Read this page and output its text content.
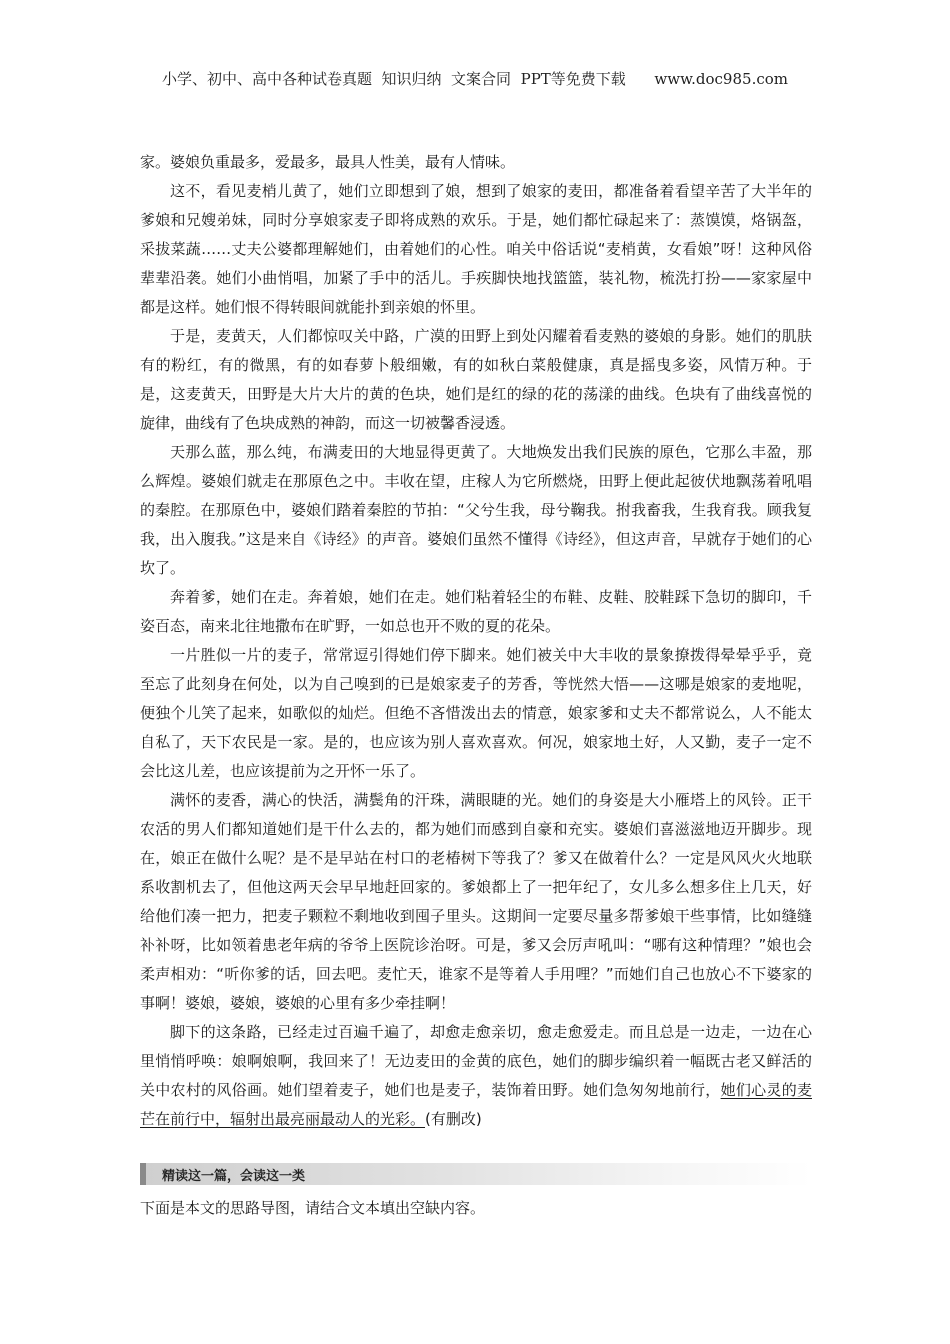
小学、初中、高中各种试卷真题  知识归纳  文案合同  PPT等免费下载      www.doc985.com

家。婆娘负重最多，爱最多，最具人性美，最有人情味。

这不，看见麦梢儿黄了，她们立即想到了娘，想到了娘家的麦田，都准备着看望辛苦了大半年的爹娘和兄嫂弟妹，同时分享娘家麦子即将成熟的欢乐。于是，她们都忙碌起来了：蒸馍馍，烙锅盔，采拔菜蔬……丈夫公婆都理解她们，由着她们的心性。咱关中俗话说“麦梢黄，女看娘”呀！这种风俗辈辈沿袭。她们小曲悄唱，加紧了手中的活儿。手疾脚快地找篮篮，装礼物，梳洗打扮——家家屋中都是这样。她们恨不得转眼间就能扑到亲娘的怀里。

于是，麦黄天，人们都惊叹关中路，广漠的田野上到处闪耀着看麦熟的婆娘的身影。她们的肌肤有的粉红，有的微黑，有的如春萝卜般细嫩，有的如秋白菜般健康，真是摇曳多姿，风情万种。于是，这麦黄天，田野是大片大片的黄的色块，她们是红的绿的花的荡漾的曲线。色块有了曲线喜悦的旋律，曲线有了色块成熟的神韵，而这一切被馨香浸透。

天那么蓝，那么纯，布满麦田的大地显得更黄了。大地焕发出我们民族的原色，它那么丰盈，那么辉煌。婆娘们就走在那原色之中。丰收在望，庄稼人为它所燃烧，田野上便此起彼伏地飘荡着吼唱的秦腔。在那原色中，婆娘们踏着秦腔的节拍：“父兮生我，母兮鞠我。拊我畜我，生我育我。顾我复我，出入腹我。”这是来自《诗经》的声音。婆娘们虽然不懂得《诗经》，但这声音，早就存于她们的心坎了。

奔着爹，她们在走。奔着娘，她们在走。她们粘着轻尘的布鞋、皮鞋、胶鞋踩下急切的脚印，千姿百态，南来北往地撒布在旷野，一如总也开不败的夏的花朵。

一片胜似一片的麦子，常常逗引得她们停下脚来。她们被关中大丰收的景象撩拨得晕晕乎乎，竟至忘了此刻身在何处，以为自己嗅到的已是娘家麦子的芳香，等恍然大悟——这哪是娘家的麦地呢，便独个儿笑了起来，如歌似的灿烂。但绝不吝惜泼出去的情意，娘家爹和丈夫不都常说么，人不能太自私了，天下农民是一家。是的，也应该为别人喜欢喜欢。何况，娘家地土好，人又勤，麦子一定不会比这儿差，也应该提前为之开怀一乐了。

满怀的麦香，满心的快活，满鬓角的汗珠，满眼睫的光。她们的身姿是大小雁塔上的风铃。正干农活的男人们都知道她们是干什么去的，都为她们而感到自豪和充实。婆娘们喜滋滋地迈开脚步。现在，娘正在做什么呢？是不是早站在村口的老椿树下等我了？爹又在做着什么？一定是风风火火地联系收割机去了，但他这两天会早早地赶回家的。爹娘都上了一把年纪了，女儿多么想多住上几天，好给他们凑一把力，把麦子颗粒不剩地收到囤子里头。这期间一定要尽量多帮爹娘干些事情，比如缝缝补补呀，比如领着患老年病的爷爷上医院诊治呀。可是，爹又会厉声吼叫：“哪有这种情理？”娘也会柔声相劝：“听你爹的话，回去吧。麦忙天，谁家不是等着人手用哩？”而她们自己也放心不下婆家的事啊！婆娘，婆娘，婆娘的心里有多少牵挂啊！

脚下的这条路，已经走过百遍千遍了，却愈走愈亲切，愈走愈爱走。而且总是一边走，一边在心里悄悄呼唤：娘啊娘啊，我回来了！无边麦田的金黄的底色，她们的脚步编织着一幅既古老又鲜活的关中农村的风俗画。她们望着麦子，她们也是麦子，装饰着田野。她们急匆匆地前行，她们心灵的麦芒在前行中，辐射出最亮丽最动人的光彩。(有删改)

精读这一篇，会读这一类
下面是本文的思路导图，请结合文本填出空缺内容。
